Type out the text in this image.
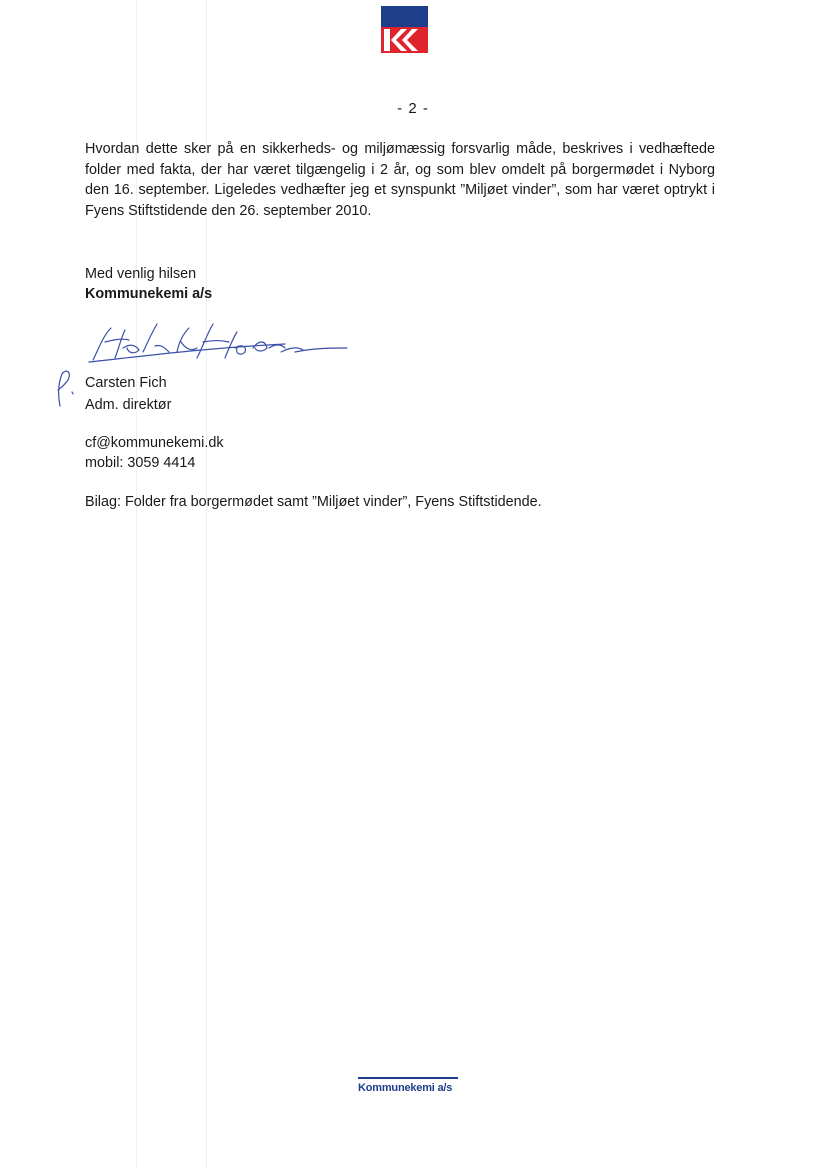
- 2 -

Hvordan dette sker på en sikkerheds- og miljømæssig forsvarlig måde, beskrives i vedhæftede folder med fakta, der har været tilgængelig i 2 år, og som blev omdelt på borgermødet i Nyborg den 16. september. Ligeledes vedhæfter jeg et synspunkt ”Miljøet vinder”, som har været optrykt i Fyens Stiftstidende den 26. september 2010.

Med venlig hilsen
Kommunekemi a/s
Carsten Fich
Adm. direktør
cf@kommunekemi.dk
mobil: 3059 4414
Bilag: Folder fra borgermødet samt ”Miljøet vinder”, Fyens Stiftstidende.
Kommunekemi a/s
